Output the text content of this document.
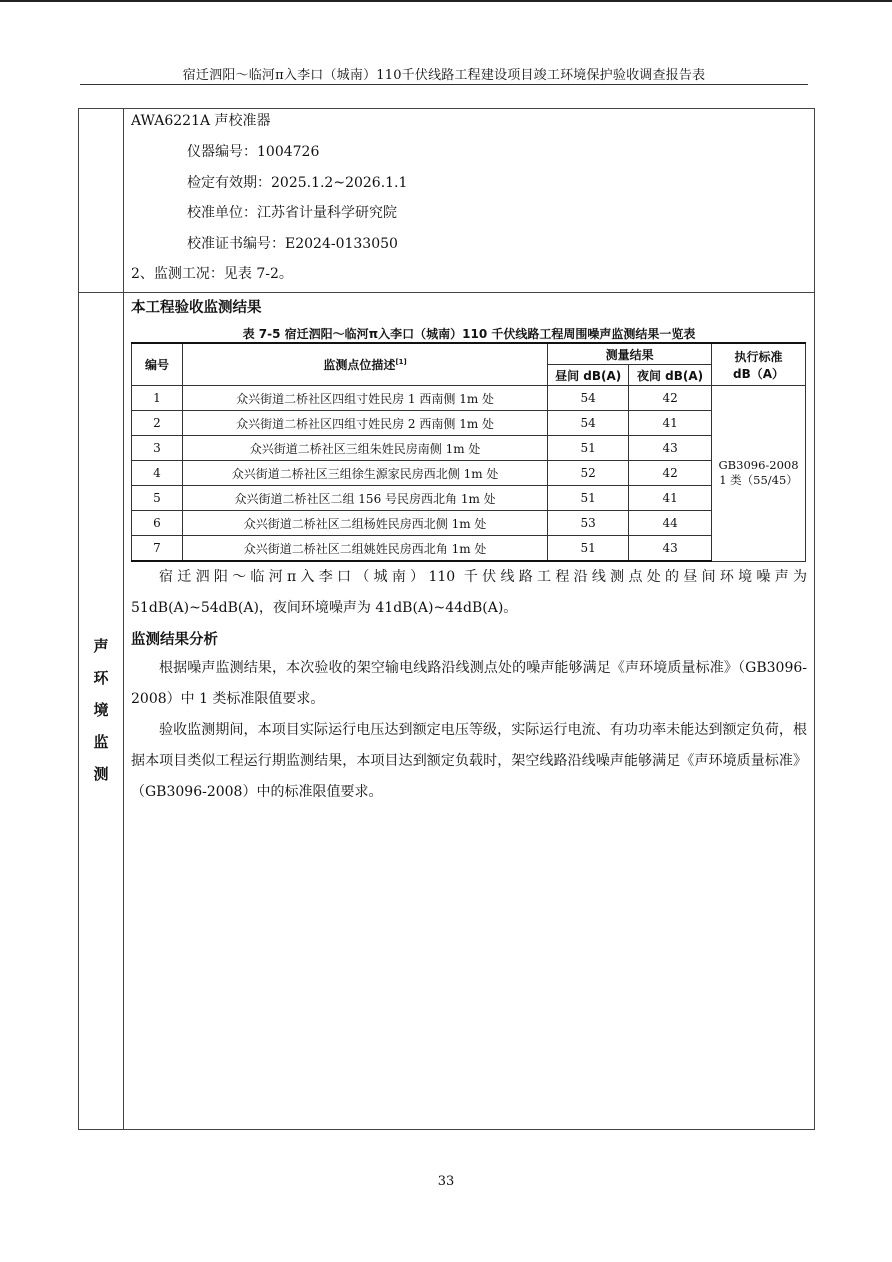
宿迁泗阳～临河π入李口（城南）110千伏线路工程建设项目竣工环境保护验收调查报告表
AWA6221A 声校准器
仪器编号：1004726
检定有效期：2025.1.2~2026.1.1
校准单位：江苏省计量科学研究院
校准证书编号：E2024-0133050
2、监测工况：见表 7-2。
声
环
境
监
测
本工程验收监测结果
表 7-5 宿迁泗阳～临河π入李口（城南）110 千伏线路工程周围噪声监测结果一览表
编号	监测点位描述[1]	测量结果		执行标准
dB（A）

		昼间 dB(A)	夜间 dB(A)	
1	众兴街道二桥社区四组寸姓民房 1 西南侧 1m 处	54	42	GB3096-2008
1 类（55/45）

2	众兴街道二桥社区四组寸姓民房 2 西南侧 1m 处	54	41	
3	众兴街道二桥社区三组朱姓民房南侧 1m 处	51	43	
4	众兴街道二桥社区三组徐生源家民房西北侧 1m 处	52	42	
5	众兴街道二桥社区二组 156 号民房西北角 1m 处	51	41	
6	众兴街道二桥社区二组杨姓民房西北侧 1m 处	53	44	
7	众兴街道二桥社区二组姚姓民房西北角 1m 处	51	43	

宿迁泗阳～临河π入李口（城南）110 千伏线路工程沿线测点处的昼间环境噪声为 51dB(A)~54dB(A)，夜间环境噪声为 41dB(A)~44dB(A)。

监测结果分析

根据噪声监测结果，本次验收的架空输电线路沿线测点处的噪声能够满足《声环境质量标准》（GB3096-2008）中 1 类标准限值要求。

验收监测期间，本项目实际运行电压达到额定电压等级，实际运行电流、有功功率未能达到额定负荷，根据本项目类似工程运行期监测结果，本项目达到额定负载时，架空线路沿线噪声能够满足《声环境质量标准》（GB3096-2008）中的标准限值要求。

33
